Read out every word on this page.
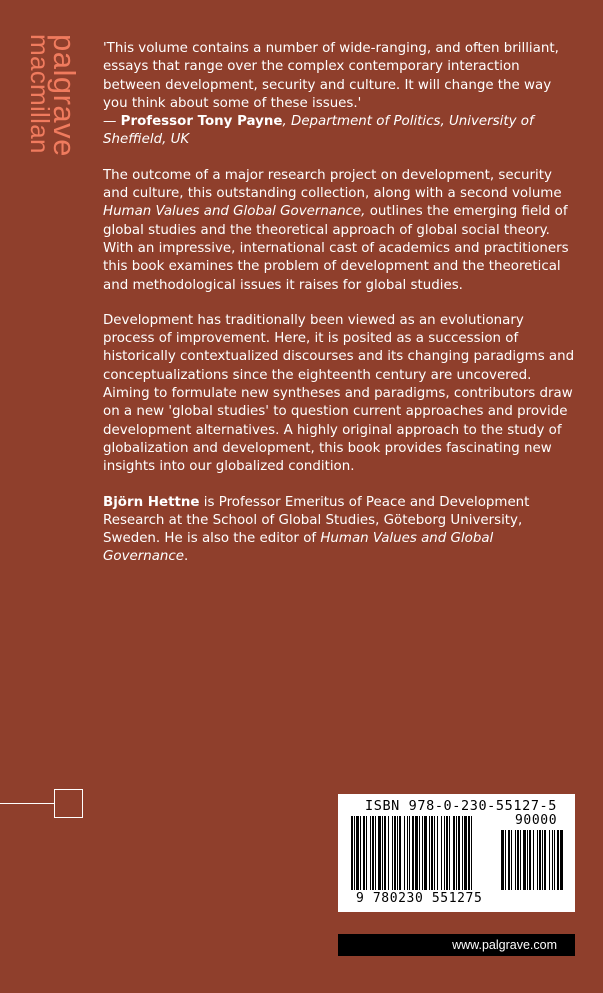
palgrave
macmillan	'This volume contains a number of wide-ranging, and often brilliant, essays that range over the complex contemporary interaction between development, security and culture. It will change the way you think about some of these issues.'
— Professor Tony Payne, Department of Politics, University of Sheffield, UK

The outcome of a major research project on development, security and culture, this outstanding collection, along with a second volume Human Values and Global Governance, outlines the emerging field of global studies and the theoretical approach of global social theory. With an impressive, international cast of academics and practitioners this book examines the problem of development and the theoretical and methodological issues it raises for global studies.

Development has traditionally been viewed as an evolutionary process of improvement. Here, it is posited as a succession of historically contextualized discourses and its changing paradigms and conceptualizations since the eighteenth century are uncovered. Aiming to formulate new syntheses and paradigms, contributors draw on a new 'global studies' to question current approaches and provide development alternatives. A highly original approach to the study of globalization and development, this book provides fascinating new insights into our globalized condition.

Björn Hettne is Professor Emeritus of Peace and Development Research at the School of Global Studies, Göteborg University, Sweden. He is also the editor of Human Values and Global Governance.

ISBN 978-0-230-55127-5
90000
9 780230 551275
www.palgrave.com
